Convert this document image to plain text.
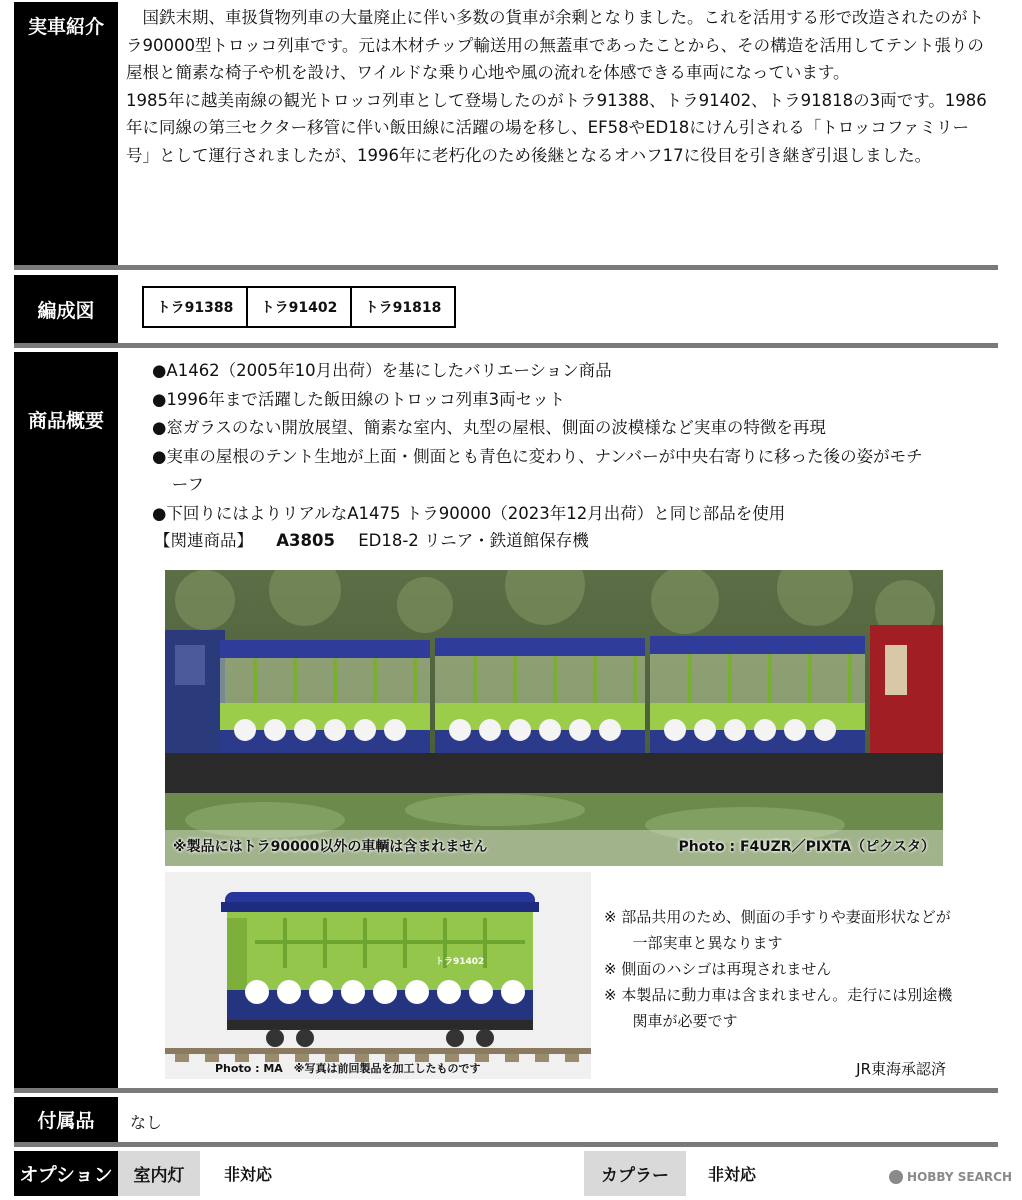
実車紹介 　国鉄末期、車扱貨物列車の大量廃止に伴い多数の貨車が余剰となりました。これを活用する形で改造されたのがトラ90000型トロッコ列車です。元は木材チップ輸送用の無蓋車であったことから、その構造を活用してテント張りの屋根と簡素な椅子や机を設け、ワイルドな乗り心地や風の流れを体感できる車両になっています。

1985年に越美南線の観光トロッコ列車として登場したのがトラ91388、トラ91402、トラ91818の3両です。1986年に同線の第三セクター移管に伴い飯田線に活躍の場を移し、EF58やED18にけん引される「トロッコファミリー号」として運行されましたが、1996年に老朽化のため後継となるオハフ17に役目を引き継ぎ引退しました。

編成図	トラ91388	トラ91402	トラ91818
商品概要
● A1462（2005年10月出荷）を基にしたバリエーション商品
● 1996年まで活躍した飯田線のトロッコ列車3両セット
● 窓ガラスのない開放展望、簡素な室内、丸型の屋根、側面の波模様など実車の特徴を再現
● 実車の屋根のテント生地が上面・側面とも青色に変わり、ナンバーが中央右寄りに移った後の姿がモチーフ
● 下回りにはよりリアルなA1475 トラ90000（2023年12月出荷）と同じ部品を使用
【関連商品】 A3805 ED18-2 リニア・鉄道館保存機
※製品にはトラ90000以外の車輌は含まれません	Photo : F4UZR／PIXTA（ピクスタ）
トラ91402
Photo : MA　※写真は前回製品を加工したものです
※ 部品共用のため、側面の手すりや妻面形状などが一部実車と異なります
※ 側面のハシゴは再現されません
※ 本製品に動力車は含まれません。走行には別途機関車が必要です
JR東海承認済
付属品 なし
オプション 室内灯 非対応	カプラー 非対応	HOBBY SEARCH
